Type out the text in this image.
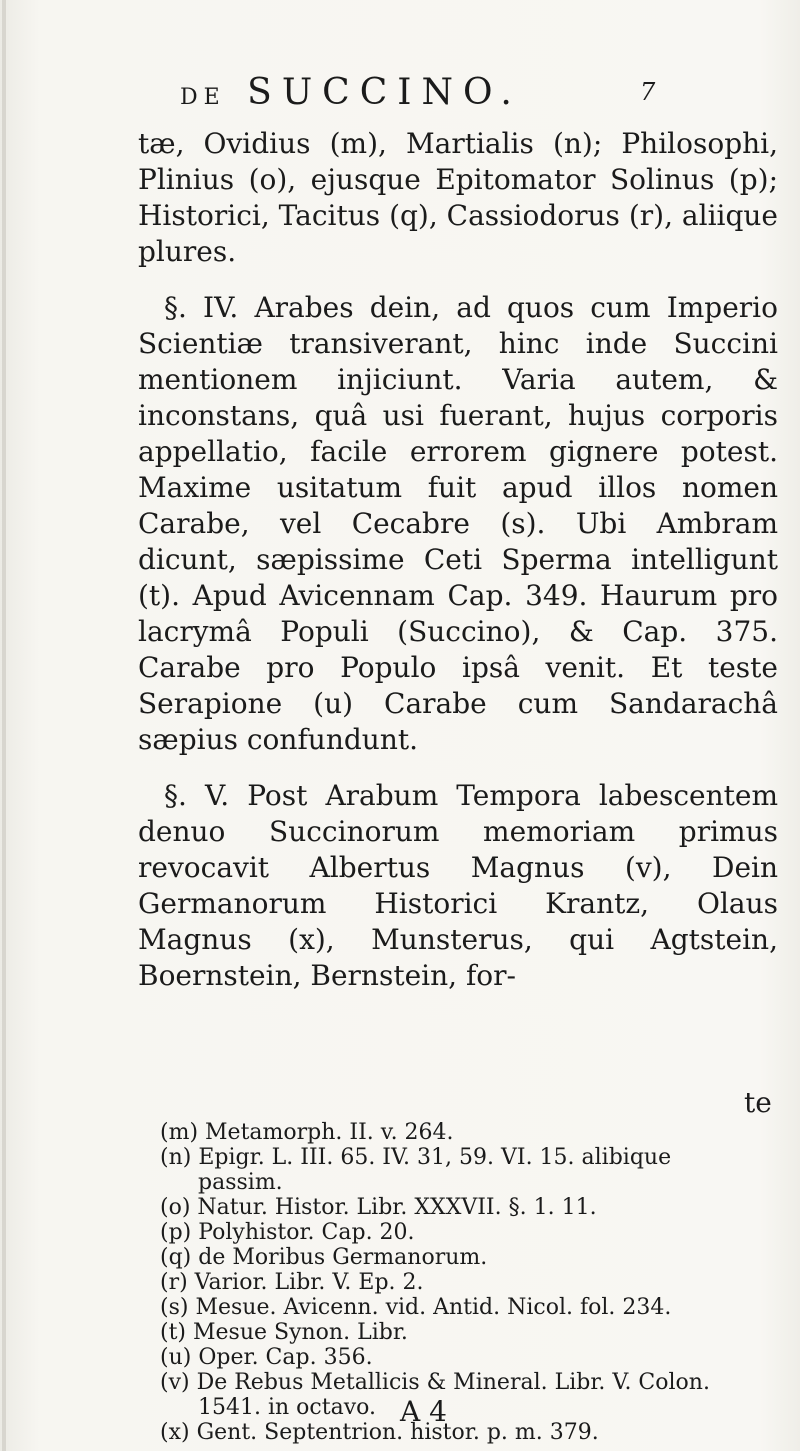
DE SUCCINO.	7

tæ, Ovidius (m), Martialis (n); Philosophi, Plinius (o), ejusque Epitomator Solinus (p); Historici, Tacitus (q), Cassiodorus (r), aliique plures.

§. IV. Arabes dein, ad quos cum Imperio Scientiæ transiverant, hinc inde Succini mentionem injiciunt. Varia autem, & inconstans, quâ usi fuerant, hujus corporis appellatio, facile errorem gignere potest. Maxime usitatum fuit apud illos nomen Carabe, vel Cecabre (s). Ubi Ambram dicunt, sæpissime Ceti Sperma intelligunt (t). Apud Avicennam Cap. 349. Haurum pro lacrymâ Populi (Succino), & Cap. 375. Carabe pro Populo ipsâ venit. Et teste Serapione (u) Carabe cum Sandarachâ sæpius confundunt.

§. V. Post Arabum Tempora labescentem denuo Succinorum memoriam primus revocavit Albertus Magnus (v), Dein Germanorum Historici Krantz, Olaus Magnus (x), Munsterus, qui Agtstein, Boernstein, Bernstein, for-

te

(m) Metamorph. II. v. 264.

(n) Epigr. L. III. 65. IV. 31, 59. VI. 15. alibique passim.

(o) Natur. Histor. Libr. XXXVII. §. 1. 11.

(p) Polyhistor. Cap. 20.

(q) de Moribus Germanorum.

(r) Varior. Libr. V. Ep. 2.

(s) Mesue. Avicenn. vid. Antid. Nicol. fol. 234.

(t) Mesue Synon. Libr.

(u) Oper. Cap. 356.

(v) De Rebus Metallicis & Mineral. Libr. V. Colon. 1541. in octavo.

(x) Gent. Septentrion. histor. p. m. 379.

A 4
